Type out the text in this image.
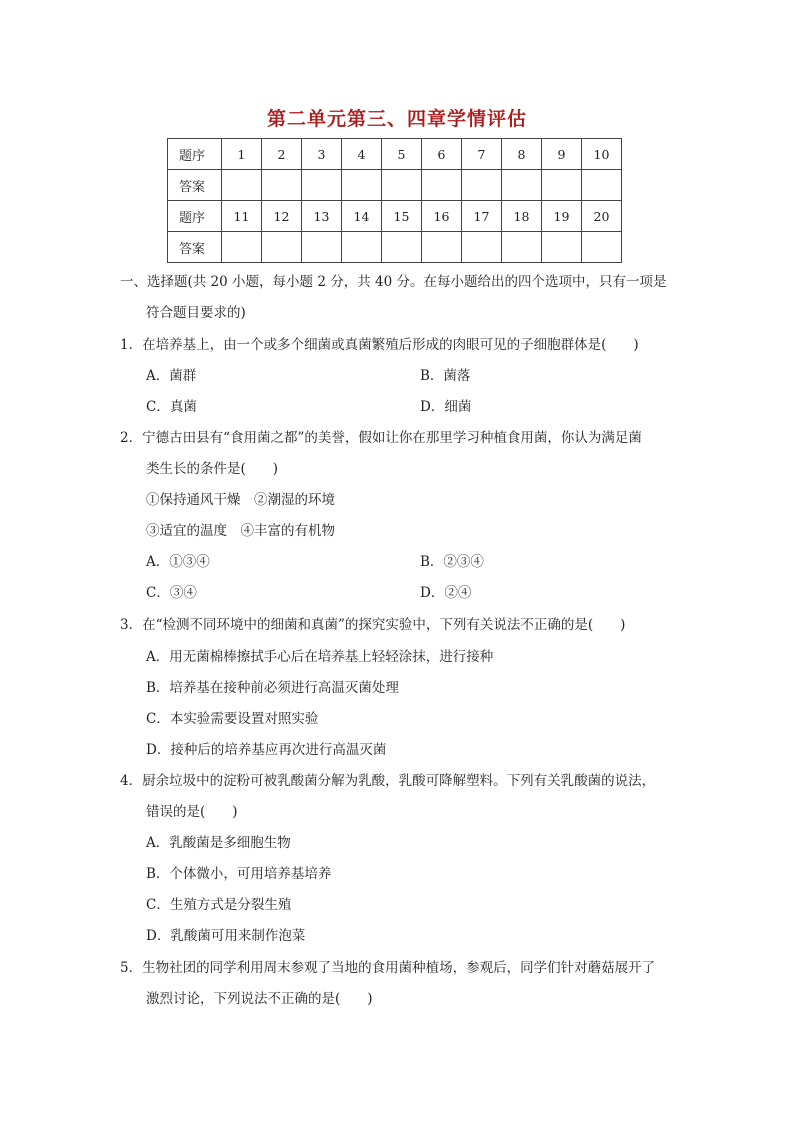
第二单元第三、四章学情评估
题序	1	2	3	4	5	6	7	8	9	10
答案										
题序	11	12	13	14	15	16	17	18	19	20
答案										
一、选择题(共 20 小题，每小题 2 分，共 40 分。在每小题给出的四个选项中，只有一项是
符合题目要求的)
1．在培养基上，由一个或多个细菌或真菌繁殖后形成的肉眼可见的子细胞群体是(　　)
A．菌群	B．菌落
C．真菌	D．细菌
2．宁德古田县有“食用菌之都”的美誉，假如让你在那里学习种植食用菌，你认为满足菌
类生长的条件是(　　)
①保持通风干燥　②潮湿的环境
③适宜的温度　④丰富的有机物
A．①③④	B．②③④
C．③④	D．②④
3．在“检测不同环境中的细菌和真菌”的探究实验中，下列有关说法不正确的是(　　)
A．用无菌棉棒擦拭手心后在培养基上轻轻涂抹，进行接种
B．培养基在接种前必须进行高温灭菌处理
C．本实验需要设置对照实验
D．接种后的培养基应再次进行高温灭菌
4．厨余垃圾中的淀粉可被乳酸菌分解为乳酸，乳酸可降解塑料。下列有关乳酸菌的说法，
错误的是(　　)
A．乳酸菌是多细胞生物
B．个体微小，可用培养基培养
C．生殖方式是分裂生殖
D．乳酸菌可用来制作泡菜
5．生物社团的同学利用周末参观了当地的食用菌种植场，参观后，同学们针对蘑菇展开了
激烈讨论，下列说法不正确的是(　　)
